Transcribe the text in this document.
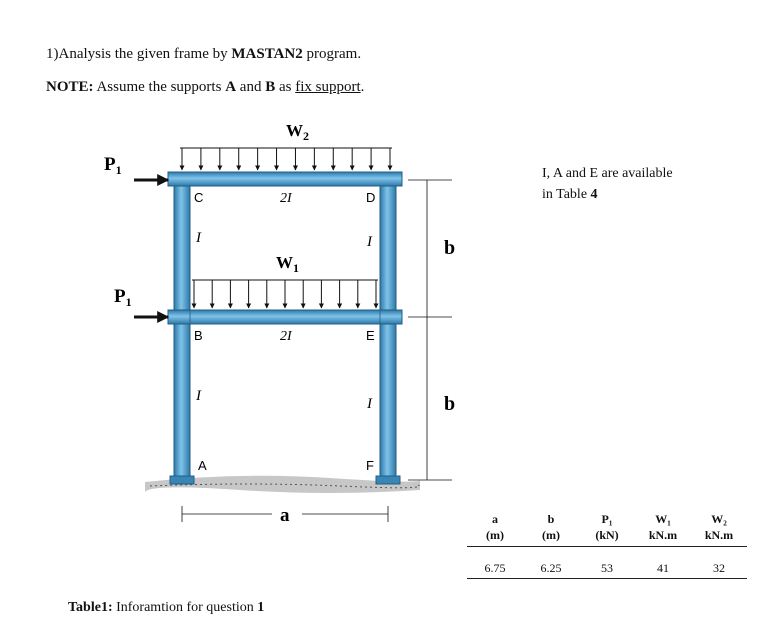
1)Analysis the given frame by MASTAN2 program.
NOTE: Assume the supports A and B as fix support.
$W_2$
$W_1$
$P_1$
$P_1$
C	D
B	E
A	F
2I
2I
I	I
I	I
b
b
a
I, A and E are available
in Table 4
a	b	P₁	W₁	W₂
(m)	(m)	(kN)	kN.m	kN.m
6.75	6.25	53	41	32
Table1: Inforamtion for question 1
